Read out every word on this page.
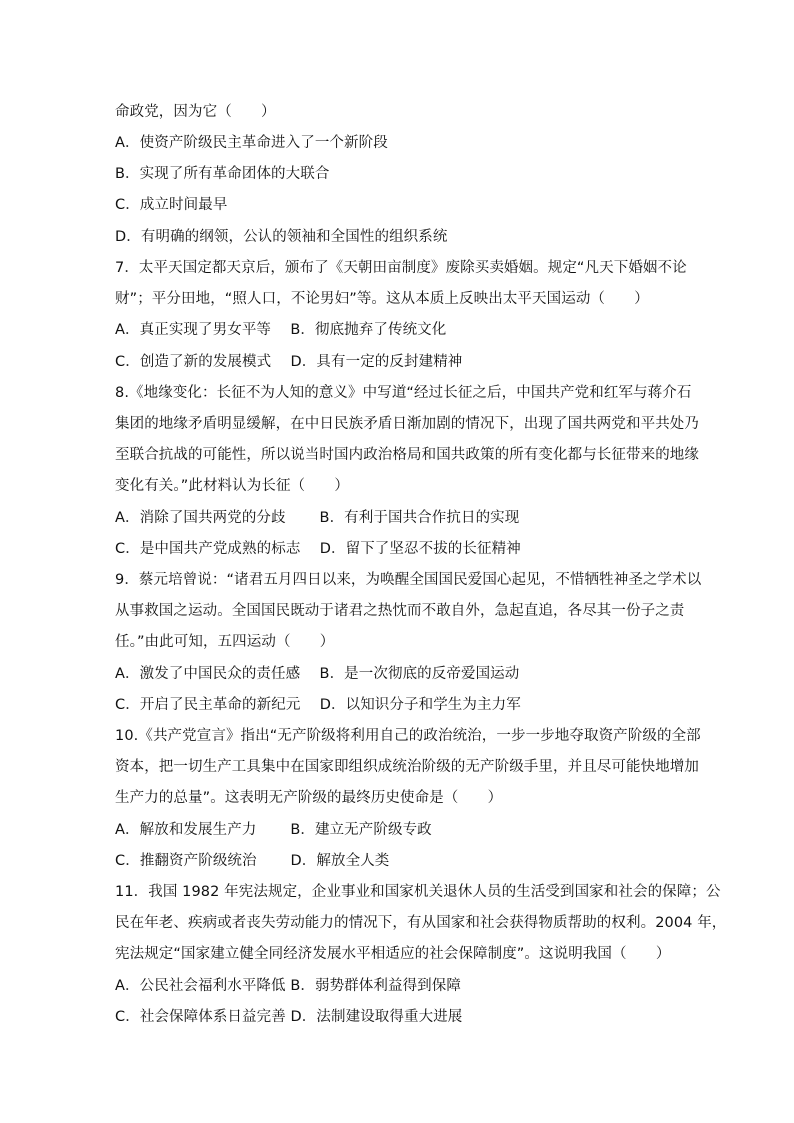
命政党，因为它（　　）
A．使资产阶级民主革命进入了一个新阶段
B．实现了所有革命团体的大联合
C．成立时间最早
D．有明确的纲领，公认的领袖和全国性的组织系统
7．太平天国定都天京后，颁布了《天朝田亩制度》废除买卖婚姻。规定“凡天下婚姻不论
财”；平分田地，“照人口，不论男妇”等。这从本质上反映出太平天国运动（　　）
A．真正实现了男女平等　 B．彻底抛弃了传统文化
C．创造了新的发展模式　 D．具有一定的反封建精神
8.《地缘变化：长征不为人知的意义》中写道“经过长征之后，中国共产党和红军与蒋介石
集团的地缘矛盾明显缓解，在中日民族矛盾日渐加剧的情况下，出现了国共两党和平共处乃
至联合抗战的可能性，所以说当时国内政治格局和国共政策的所有变化都与长征带来的地缘
变化有关。”此材料认为长征（　　）
A．消除了国共两党的分歧　　 B．有利于国共合作抗日的实现
C．是中国共产党成熟的标志　 D．留下了坚忍不拔的长征精神
9．蔡元培曾说：“诸君五月四日以来，为唤醒全国国民爱国心起见，不惜牺牲神圣之学术以
从事救国之运动。全国国民既动于诸君之热忱而不敢自外，急起直追，各尽其一份子之责
任。”由此可知，五四运动（　　）
A．激发了中国民众的责任感　 B．是一次彻底的反帝爱国运动
C．开启了民主革命的新纪元　 D．以知识分子和学生为主力军
10.《共产党宣言》指出“无产阶级将利用自己的政治统治，一步一步地夺取资产阶级的全部
资本，把一切生产工具集中在国家即组织成统治阶级的无产阶级手里，并且尽可能快地增加
生产力的总量”。这表明无产阶级的最终历史使命是（　　）
A．解放和发展生产力　　 B．建立无产阶级专政
C．推翻资产阶级统治　　 D．解放全人类
11．我国 1982 年宪法规定，企业事业和国家机关退休人员的生活受到国家和社会的保障；公
民在年老、疾病或者丧失劳动能力的情况下，有从国家和社会获得物质帮助的权利。2004 年，
宪法规定“国家建立健全同经济发展水平相适应的社会保障制度”。这说明我国（　　）
A．公民社会福利水平降低 B．弱势群体利益得到保障
C．社会保障体系日益完善 D．法制建设取得重大进展
